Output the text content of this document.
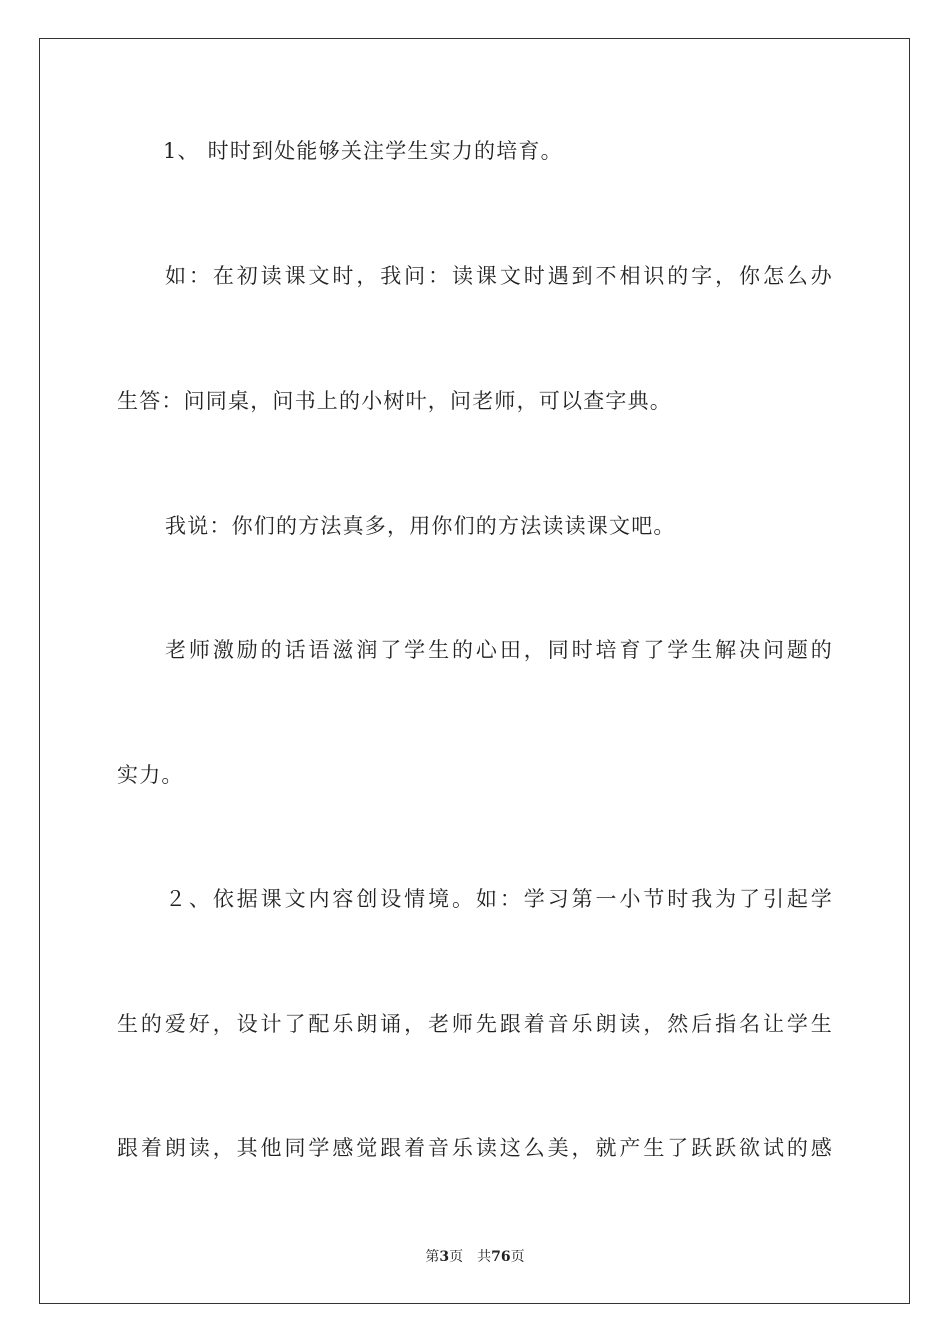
1、 时时到处能够关注学生实力的培育。
如：在初读课文时，我问：读课文时遇到不相识的字，你怎么办
生答：问同桌，问书上的小树叶，问老师，可以查字典。
我说：你们的方法真多，用你们的方法读读课文吧。
老师激励的话语滋润了学生的心田，同时培育了学生解决问题的
实力。
２、依据课文内容创设情境。如：学习第一小节时我为了引起学
生的爱好，设计了配乐朗诵，老师先跟着音乐朗读，然后指名让学生
跟着朗读，其他同学感觉跟着音乐读这么美，就产生了跃跃欲试的感
第3页 共76页
